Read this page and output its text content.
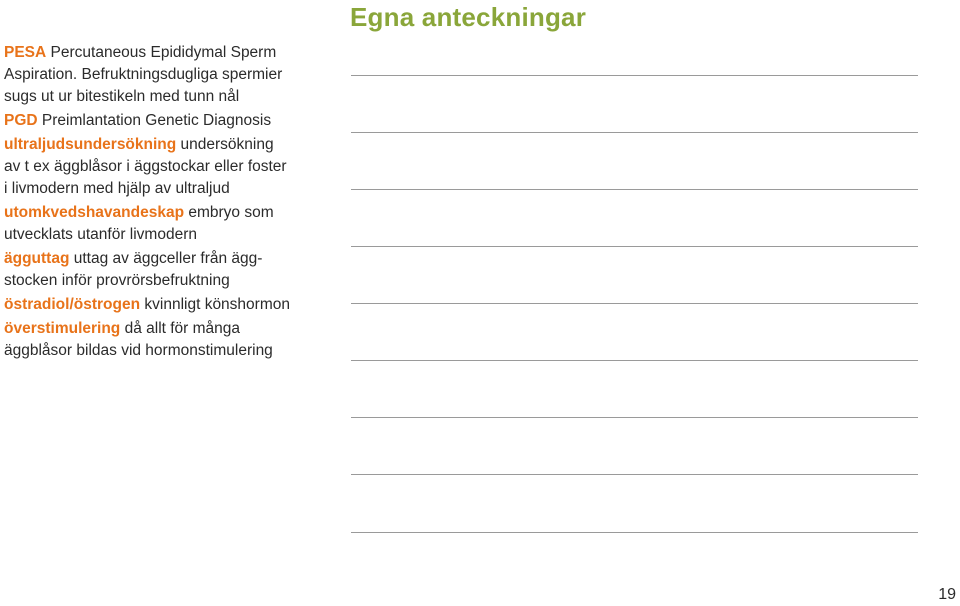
Egna anteckningar

PESA Percutaneous Epididymal Sperm Aspiration. Befruktningsdugliga spermier sugs ut ur bitestikeln med tunn nål

PGD Preimlantation Genetic Diagnosis

ultraljudsundersökning undersökning av t ex äggblåsor i äggstockar eller foster i livmodern med hjälp av ultraljud

utomkvedshavandeskap embryo som utvecklats utanför livmodern

ägguttag uttag av äggceller från äggstocken inför provrörsbefruktning

östradiol/östrogen kvinnligt könshormon

överstimulering då allt för många äggblåsor bildas vid hormonstimulering

19
